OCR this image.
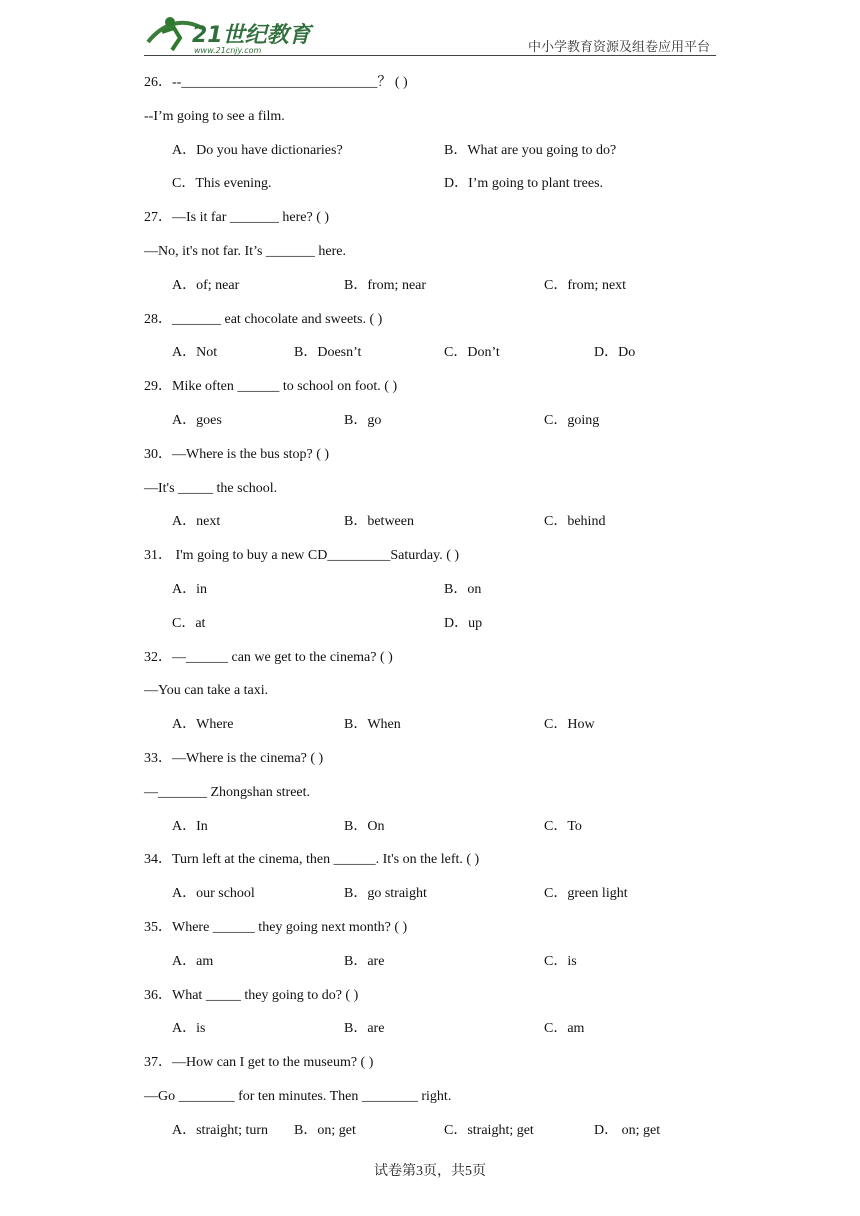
21世纪教育
www.21cnjy.com	中小学教育资源及组卷应用平台
26．--____________________________？ ( )
--I’m going to see a film.
A．Do you have dictionaries?	B．What are you going to do?
C．This evening.	D．I’m going to plant trees.
27．—Is it far _______ here? ( )
—No, it's not far. It’s _______ here.
A．of; near	B．from; near	C．from; next
28．_______ eat chocolate and sweets. ( )
A．Not	B．Doesn’t	C．Don’t	D．Do
29．Mike often ______ to school on foot. ( )
A．goes	B．go	C．going
30．—Where is the bus stop? ( )
—It's _____ the school.
A．next	B．between	C．behind
31． I'm going to buy a new CD_________Saturday. ( )
A．in	B．on
C．at	D．up
32．—______ can we get to the cinema? ( )
—You can take a taxi.
A．Where	B．When	C．How
33．—Where is the cinema? ( )
—_______ Zhongshan street.
A．In	B．On	C．To
34．Turn left at the cinema, then ______. It's on the left. ( )
A．our school	B．go straight	C．green light
35．Where ______ they going next month? ( )
A．am	B．are	C．is
36．What _____ they going to do? ( )
A．is	B．are	C．am
37．—How can I get to the museum? ( )
—Go ________ for ten minutes. Then ________ right.
A．straight; turn B．on; get	C．straight; get	D． on; get
试卷第3页，共5页
